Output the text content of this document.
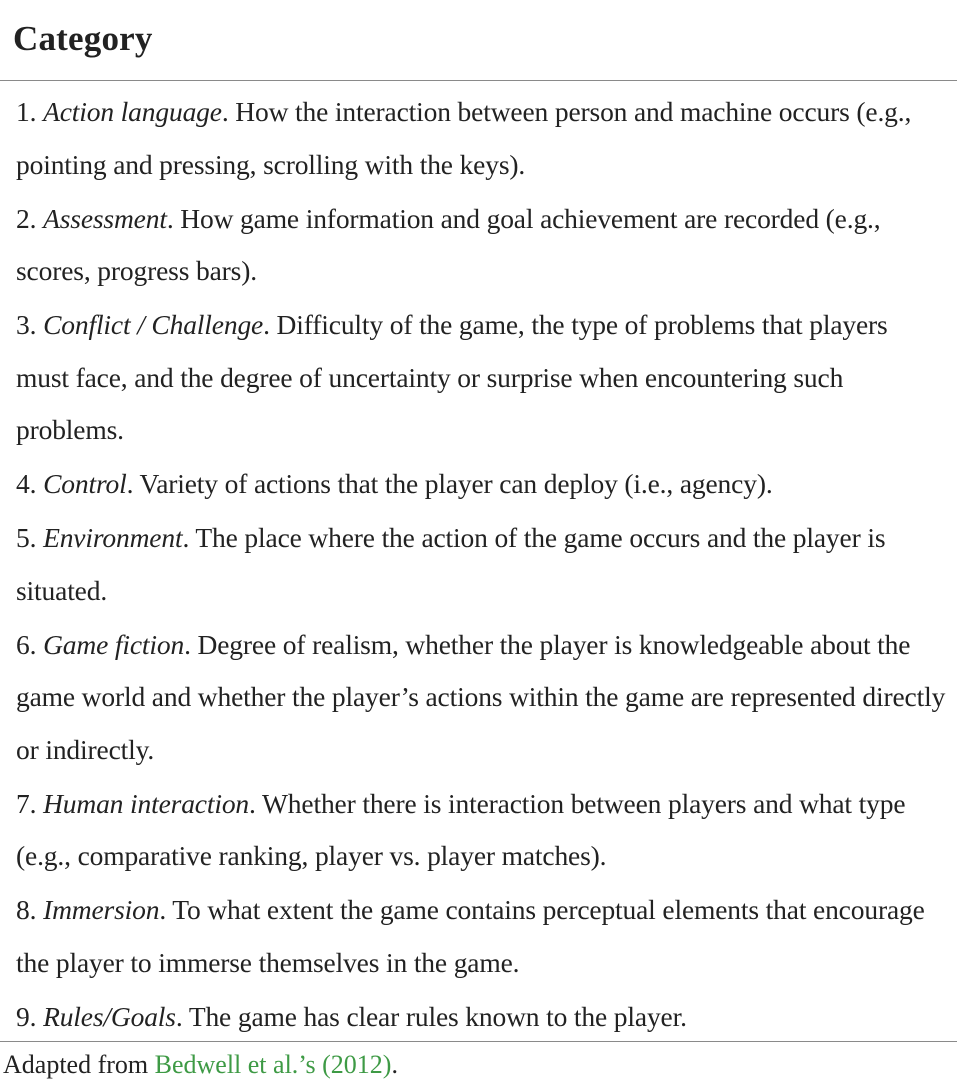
Category
1. Action language. How the interaction between person and machine occurs (e.g., pointing and pressing, scrolling with the keys).
2. Assessment. How game information and goal achievement are recorded (e.g., scores, progress bars).
3. Conflict / Challenge. Difficulty of the game, the type of problems that players must face, and the degree of uncertainty or surprise when encountering such problems.
4. Control. Variety of actions that the player can deploy (i.e., agency).
5. Environment. The place where the action of the game occurs and the player is situated.
6. Game fiction. Degree of realism, whether the player is knowledgeable about the game world and whether the player’s actions within the game are represented directly or indirectly.
7. Human interaction. Whether there is interaction between players and what type (e.g., comparative ranking, player vs. player matches).
8. Immersion. To what extent the game contains perceptual elements that encourage the player to immerse themselves in the game.
9. Rules/Goals. The game has clear rules known to the player.
Adapted from Bedwell et al.’s (2012).
